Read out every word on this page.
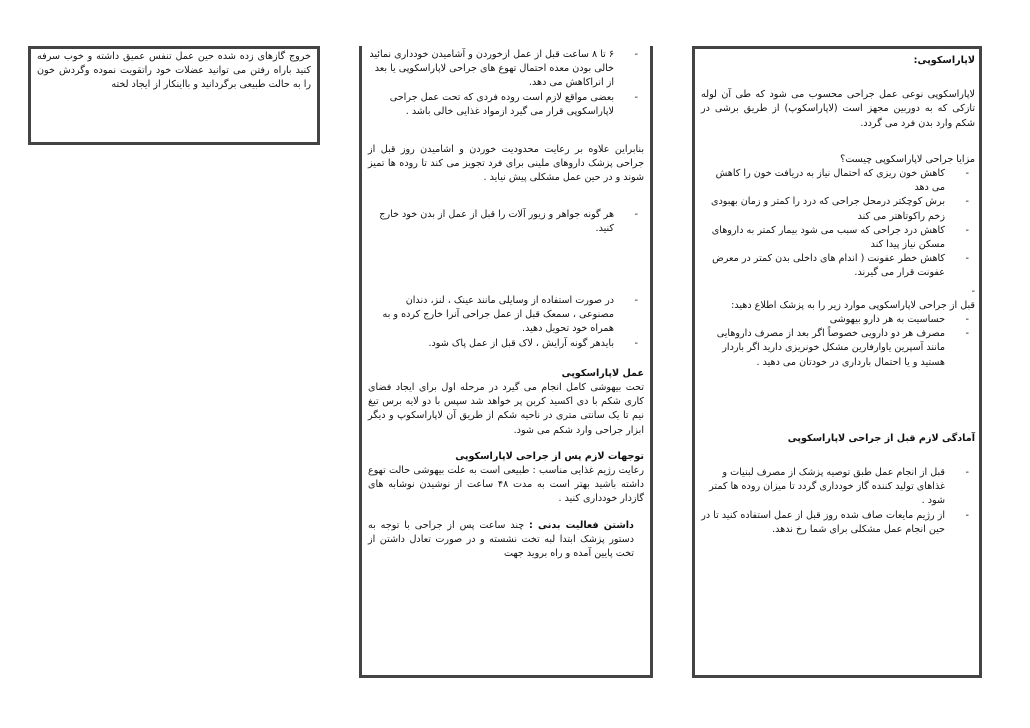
لاپاراسکوپی:

لاپاراسکوپی نوعی عمل جراحی محسوب می شود که طی آن لوله تازکی که به دوربین مجهز است (لاپاراسکوپ) از طریق برشی در شکم وارد بدن فرد می گردد.

مزایا جراحی لاپاراسکوپی چیست؟

- کاهش خون ریزی که احتمال نیاز به دریافت خون را کاهش می دهد
- برش کوچکتر درمحل جراحی که درد را کمتر و زمان بهبودی زخم راکوتاهتر می کند
- کاهش درد جراحی که سبب می شود بیمار کمتر به داروهای مسکن نیاز پیدا کند
- کاهش خطر عفونت ( اندام های داخلی بدن کمتر در معرض عفونت قرار می گیرند.

-

قبل از جراحی لاپاراسکوپی موارد زیر را به پزشک اطلاع دهید:

- حساسیت به هر دارو بیهوشی
- مصرف هر دو دارویی خصوصاً اگر بعد از مصرف داروهایی مانند آسپرین یاوارفارین مشکل خونریزی دارید اگر باردار هستید و یا احتمال بارداری در خودتان می دهید .

آمادگی لازم قبل از جراحی لاپاراسکوپی

- قبل از انجام عمل طبق توصیه پزشک از مصرف لبنیات و غذاهای تولید کننده گاز خودداری گردد تا میزان روده ها کمتر شود .
- از رژیم مایعات صاف شده روز قبل از عمل استفاده کنید تا در حین انجام عمل مشکلی برای شما رخ ندهد.
- ۶ تا ۸ ساعت قبل از عمل ازخوردن و آشامیدن خودداری نمائید خالی بودن معده احتمال تهوع های جراحی لاپاراسکوپی یا بعد از انراکاهش می دهد.
- بعضی مواقع لازم است روده فردی که تحت عمل جراحی لاپاراسکوپی قرار می گیرد ازمواد غذایی خالی باشد .

بنابراین علاوه بر رعایت محدودیت خوردن و اشامیدن روز قبل از جراحی پزشک داروهای ملینی برای فرد تجویز می کند تا روده ها تمیز شوند و در حین عمل مشکلی پیش نیاید .

- هر گونه جواهر و زیور آلات را قبل از عمل از بدن خود خارج کنید.
- در صورت استفاده از وسایلی مانند عینک ، لنز، دندان مصنوعی ، سمعک قبل از عمل جراحی آنرا خارج کرده و به همراه خود تحویل دهید.
- بایدهر گونه آرایش ، لاک قبل از عمل پاک شود.

عمل لاپاراسکوپی

تحت بیهوشی کامل انجام می گیرد در مرحله اول برای ایجاد فضای کاری شکم با دی اکسید کربن پر خواهد شد سپس با دو لایه برس تیغ نیم تا یک سانتی متری در ناحیه شکم از طریق آن لاپاراسکوپ و دیگر ابزار جراحی وارد شکم می شود.

توجهات لازم پس از جراحی لاپاراسکوپی

رعایت رژیم غذایی مناسب : طبیعی است به علت بیهوشی حالت تهوع داشته باشید بهتر است به مدت ۴۸ ساعت از نوشیدن نوشابه های گازدار خودداری کنید .

داشتن فعالیت بدنی : چند ساعت پس از جراحی با توجه به دستور پزشک ابتدا لبه تخت نشسته و در صورت تعادل داشتن از تخت پایین آمده و راه بروید جهت

خروج گازهای زده شده حین عمل تنفس عمیق داشته و خوب سرفه کنید باراه رفتن می توانید عضلات خود راتقویت نموده وگردش خون را به حالت طبیعی برگردانید و بااینکار از ایجاد لخته
